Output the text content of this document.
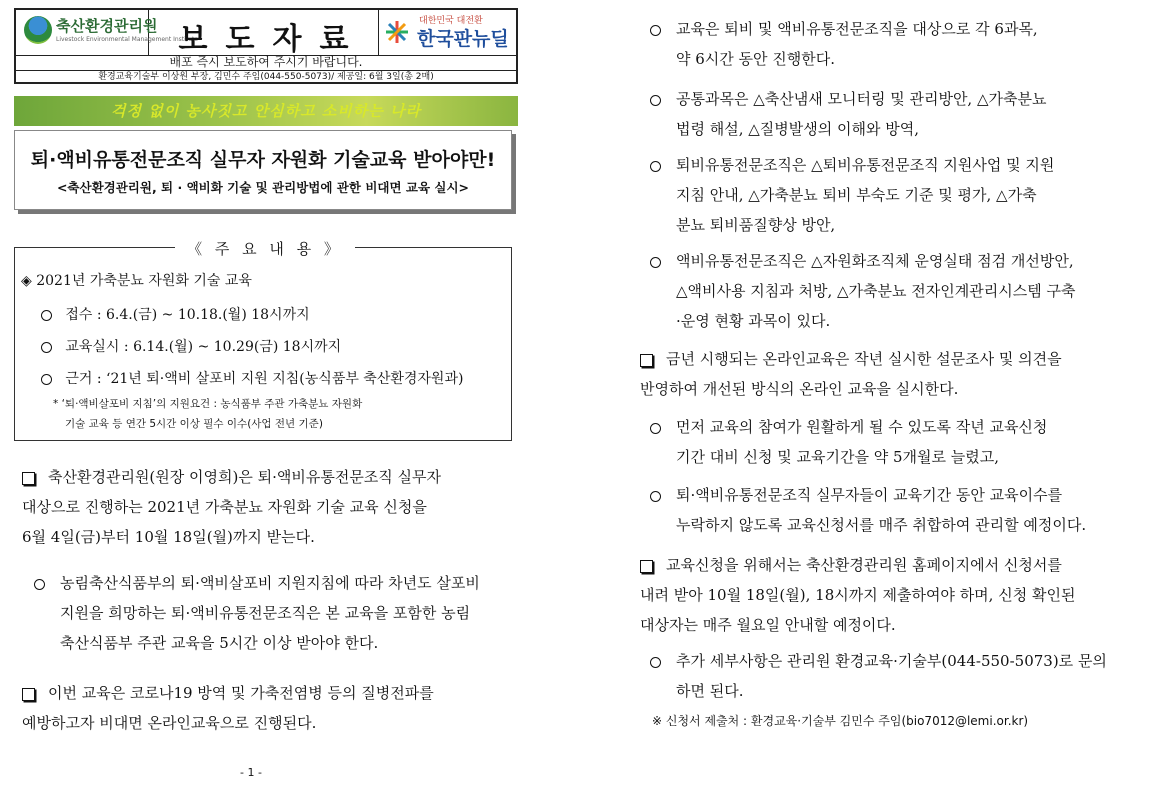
축산환경관리원
Livestock Environmental Management Institute
보도자료
대한민국 대전환
한국판뉴딜
배포 즉시 보도하여 주시기 바랍니다.
환경교육기술부 이상원 부장, 김민수 주임(044-550-5073)/ 제공일: 6월 3일(총 2매)
걱정 없이 농사짓고 안심하고 소비하는 나라
퇴·액비유통전문조직 실무자 자원화 기술교육 받아야만!
<축산환경관리원, 퇴 · 액비화 기술 및 관리방법에 관한 비대면 교육 실시>
《 주 요 내 용 》
◈ 2021년 가축분뇨 자원화 기술 교육
접수 : 6.4.(금) ~ 10.18.(월) 18시까지
교육실시 : 6.14.(월) ~ 10.29(금) 18시까지
근거 : ‘21년 퇴·액비 살포비 지원 지침(농식품부 축산환경자원과)
* ‘퇴·액비살포비 지침’의 지원요건 : 농식품부 주관 가축분뇨 자원화
기술 교육 등 연간 5시간 이상 필수 이수(사업 전년 기준)
축산환경관리원(원장 이영희)은 퇴·액비유통전문조직 실무자
대상으로 진행하는 2021년 가축분뇨 자원화 기술 교육 신청을
6월 4일(금)부터 10월 18일(월)까지 받는다.
농림축산식품부의 퇴·액비살포비 지원지침에 따라 차년도 살포비
지원을 희망하는 퇴·액비유통전문조직은 본 교육을 포함한 농림
축산식품부 주관 교육을 5시간 이상 받아야 한다.
이번 교육은 코로나19 방역 및 가축전염병 등의 질병전파를
예방하고자 비대면 온라인교육으로 진행된다.
교육은 퇴비 및 액비유통전문조직을 대상으로 각 6과목,
약 6시간 동안 진행한다.
공통과목은 △축산냄새 모니터링 및 관리방안, △가축분뇨
법령 해설, △질병발생의 이해와 방역,
퇴비유통전문조직은 △퇴비유통전문조직 지원사업 및 지원
지침 안내, △가축분뇨 퇴비 부숙도 기준 및 평가, △가축
분뇨 퇴비품질향상 방안,
액비유통전문조직은 △자원화조직체 운영실태 점검 개선방안,
△액비사용 지침과 처방, △가축분뇨 전자인계관리시스템 구축
·운영 현황 과목이 있다.
금년 시행되는 온라인교육은 작년 실시한 설문조사 및 의견을
반영하여 개선된 방식의 온라인 교육을 실시한다.
먼저 교육의 참여가 원활하게 될 수 있도록 작년 교육신청
기간 대비 신청 및 교육기간을 약 5개월로 늘렸고,
퇴·액비유통전문조직 실무자들이 교육기간 동안 교육이수를
누락하지 않도록 교육신청서를 매주 취합하여 관리할 예정이다.
교육신청을 위해서는 축산환경관리원 홈페이지에서 신청서를
내려 받아 10월 18일(월), 18시까지 제출하여야 하며, 신청 확인된
대상자는 매주 월요일 안내할 예정이다.
추가 세부사항은 관리원 환경교육·기술부(044-550-5073)로 문의
하면 된다.
※ 신청서 제출처 : 환경교육·기술부 김민수 주임(bio7012@lemi.or.kr)
- 1 -
